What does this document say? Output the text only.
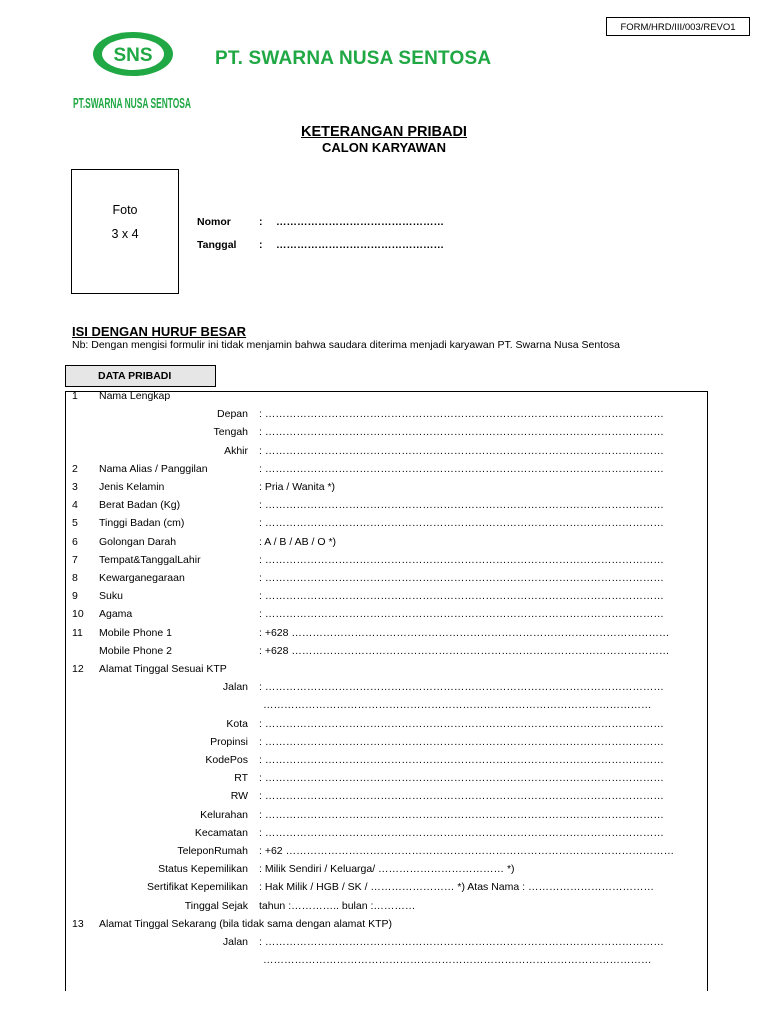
FORM/HRD/III/003/REVO1
SNS
PT.SWARNA NUSA SENTOSA
PT. SWARNA NUSA SENTOSA
KETERANGAN PRIBADI
CALON KARYAWAN
Foto
3 x 4
Nomor	: …………………………………………
Tanggal : …………………………………………
ISI DENGAN HURUF BESAR
Nb: Dengan mengisi formulir ini tidak menjamin bahwa saudara diterima menjadi karyawan PT. Swarna Nusa Sentosa
DATA PRIBADI
1 Nama Lengkap
Depan : ……………………………………………………………………………………………………
Tengah : ……………………………………………………………………………………………………
Akhir : ……………………………………………………………………………………………………
2 Nama Alias / Panggilan	: ……………………………………………………………………………………………………
3 Jenis Kelamin	: Pria / Wanita *)
4 Berat Badan (Kg)	: ……………………………………………………………………………………………………
5 Tinggi Badan (cm)	: ……………………………………………………………………………………………………
6 Golongan Darah	: A / B / AB / O *)
7 Tempat&TanggalLahir	: ……………………………………………………………………………………………………
8 Kewarganegaraan	: ……………………………………………………………………………………………………
9 Suku	: ……………………………………………………………………………………………………
10 Agama	: ……………………………………………………………………………………………………
11 Mobile Phone 1	: +628 ………………………………………………………………………………………………
Mobile Phone 2	: +628 ………………………………………………………………………………………………
12 Alamat Tinggal Sesuai KTP
Jalan : ……………………………………………………………………………………………………
…………………………………………………………………………………………………
Kota : ……………………………………………………………………………………………………
Propinsi : ……………………………………………………………………………………………………
KodePos : ……………………………………………………………………………………………………
RT : ……………………………………………………………………………………………………
RW : ……………………………………………………………………………………………………
Kelurahan : ……………………………………………………………………………………………………
Kecamatan : ……………………………………………………………………………………………………
TeleponRumah : +62 …………………………………………………………………………………………………
Status Kepemilikan : Milik Sendiri / Keluarga/ ……………………………… *)
Sertifikat Kepemilikan : Hak Milik / HGB / SK / …………………… *) Atas Nama : ………………………………
Tinggal Sejak tahun :………….. bulan :…………
13 Alamat Tinggal Sekarang (bila tidak sama dengan alamat KTP)
Jalan : ……………………………………………………………………………………………………
…………………………………………………………………………………………………
